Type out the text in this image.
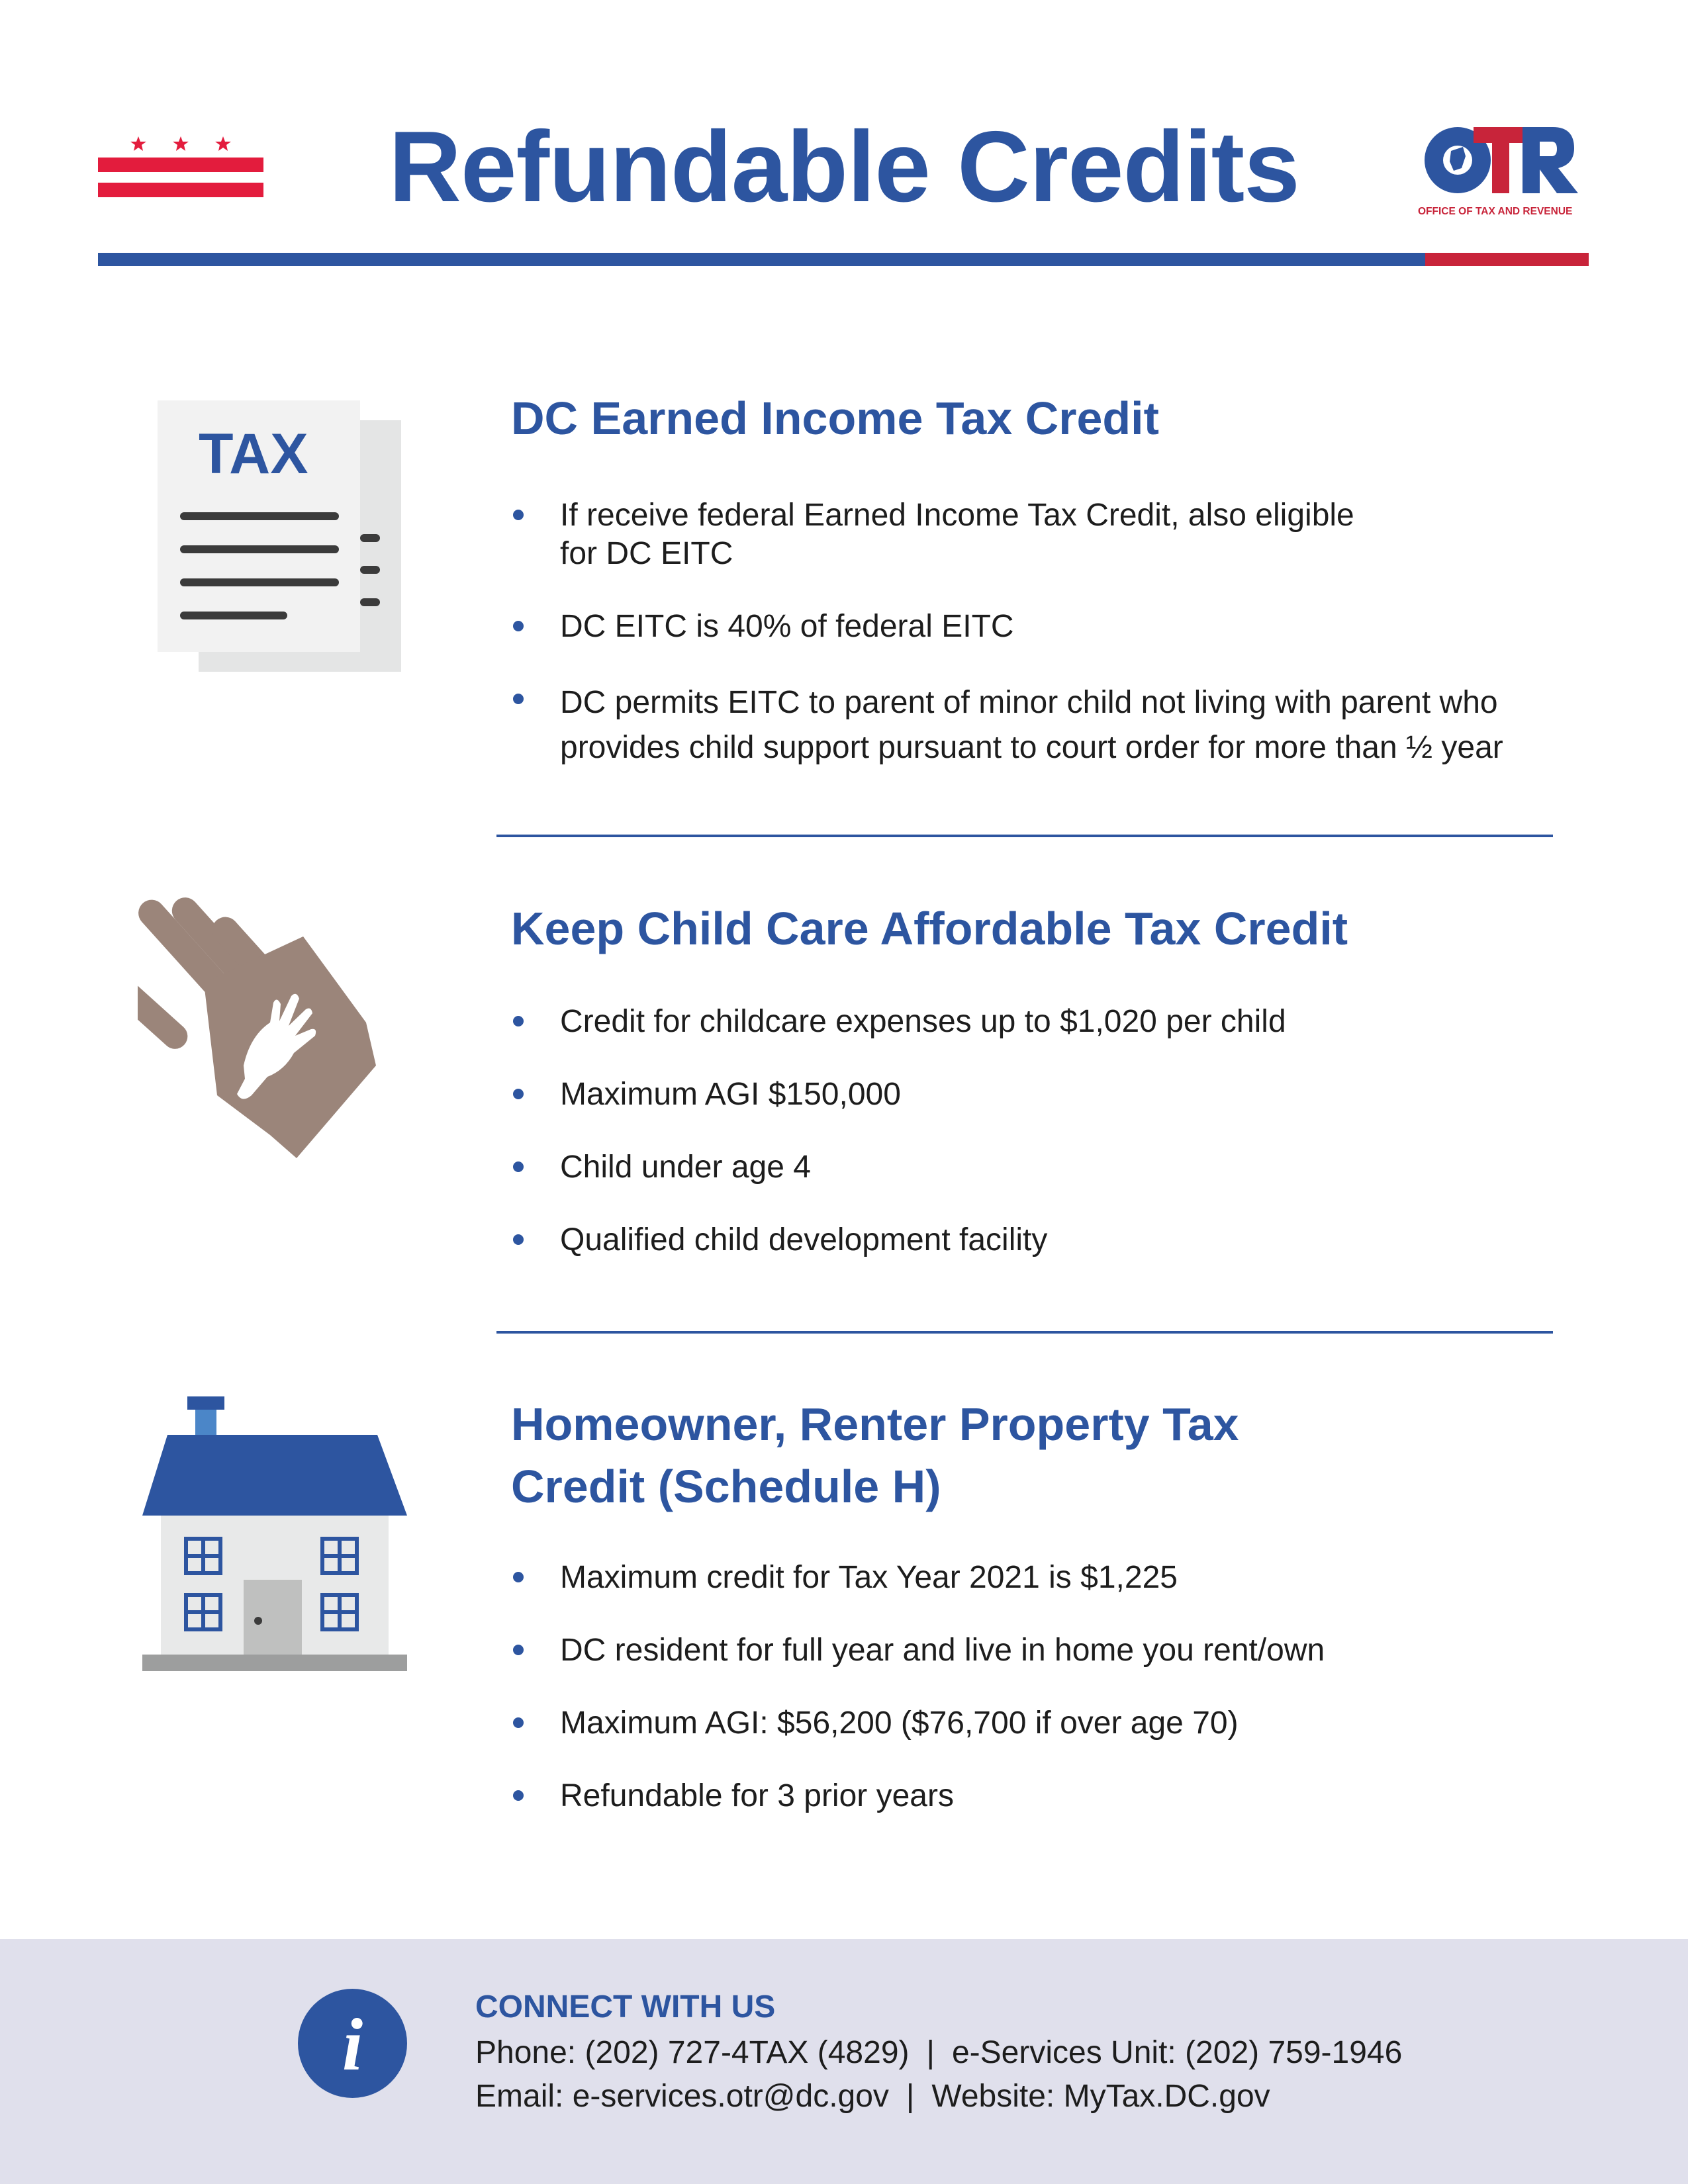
Refundable Credits	OFFICE OF TAX AND REVENUE
TAX
DC Earned Income Tax Credit
If receive federal Earned Income Tax Credit, also eligible for DC EITC
DC EITC is 40% of federal EITC
DC permits EITC to parent of minor child not living with parent who provides child support pursuant to court order for more than ½ year
Keep Child Care Affordable Tax Credit
Credit for childcare expenses up to $1,020 per child
Maximum AGI $150,000
Child under age 4
Qualified child development facility
Homeowner, Renter Property Tax Credit (Schedule H)
Maximum credit for Tax Year 2021 is $1,225
DC resident for full year and live in home you rent/own
Maximum AGI: $56,200 ($76,700 if over age 70)
Refundable for 3 prior years
i	CONNECT WITH US
Phone: (202) 727-4TAX (4829) | e-Services Unit: (202) 759-1946
Email: e-services.otr@dc.gov | Website: MyTax.DC.gov
